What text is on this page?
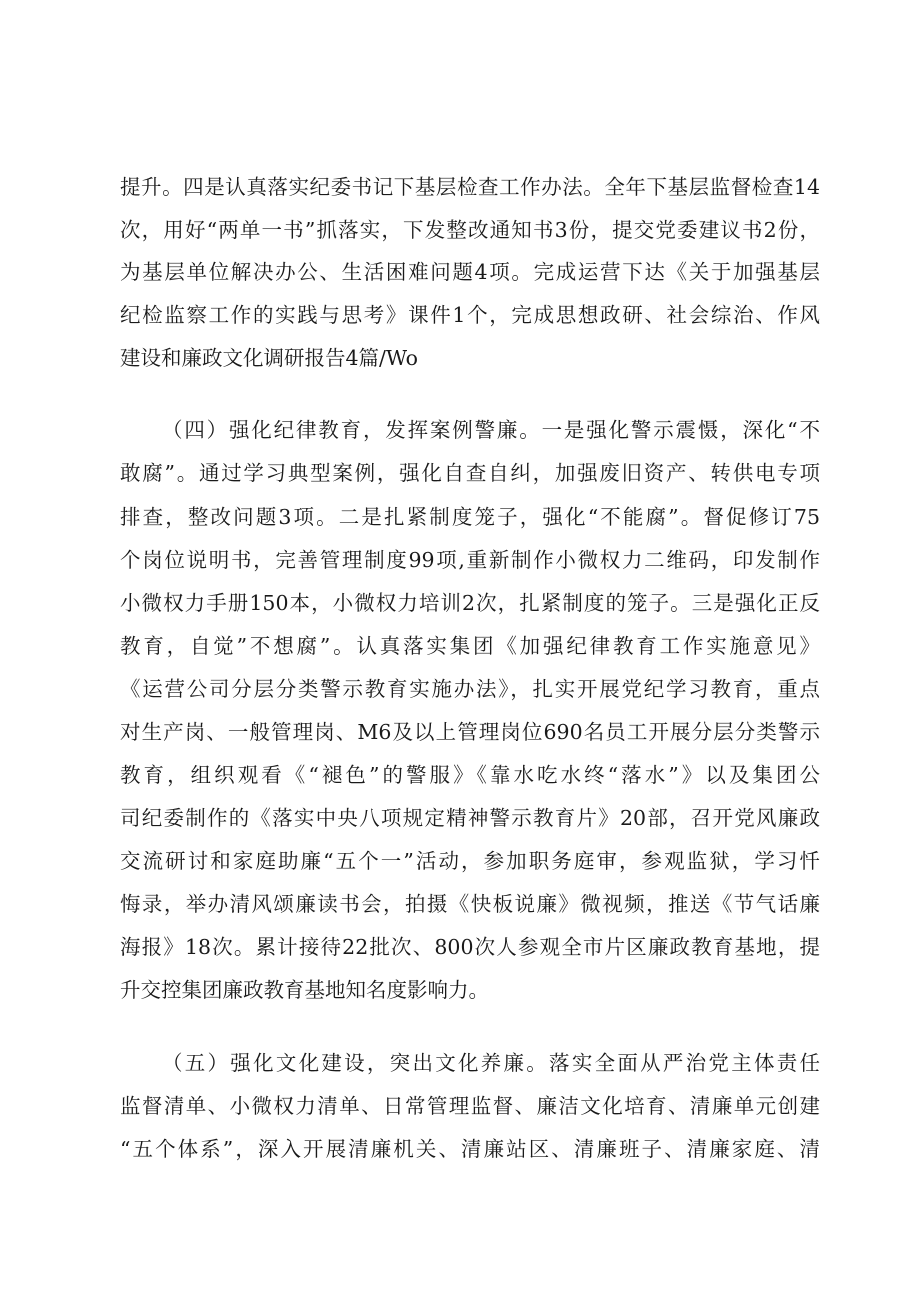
提升。四是认真落实纪委书记下基层检查工作办法。全年下基层监督检查14
次，用好“两单一书”抓落实，下发整改通知书3份，提交党委建议书2份，
为基层单位解决办公、生活困难问题4项。完成运营下达《关于加强基层
纪检监察工作的实践与思考》课件1个，完成思想政研、社会综治、作风
建设和廉政文化调研报告4篇/Wo
（四）强化纪律教育，发挥案例警廉。一是强化警示震慑，深化“不
敢腐”。通过学习典型案例，强化自查自纠，加强废旧资产、转供电专项
排查，整改问题3项。二是扎紧制度笼子，强化“不能腐”。督促修订75
个岗位说明书，完善管理制度99项,重新制作小微权力二维码，印发制作
小微权力手册150本，小微权力培训2次，扎紧制度的笼子。三是强化正反
教育，自觉”不想腐”。认真落实集团《加强纪律教育工作实施意见》
《运营公司分层分类警示教育实施办法》，扎实开展党纪学习教育，重点
对生产岗、一般管理岗、M6及以上管理岗位690名员工开展分层分类警示
教育，组织观看《“褪色”的警服》《靠水吃水终“落水”》以及集团公
司纪委制作的《落实中央八项规定精神警示教育片》20部，召开党风廉政
交流研讨和家庭助廉“五个一”活动，参加职务庭审，参观监狱，学习忏
悔录，举办清风颂廉读书会，拍摄《快板说廉》微视频，推送《节气话廉
海报》18次。累计接待22批次、800次人参观全市片区廉政教育基地，提
升交控集团廉政教育基地知名度影响力。
（五）强化文化建设，突出文化养廉。落实全面从严治党主体责任
监督清单、小微权力清单、日常管理监督、廉洁文化培育、清廉单元创建
“五个体系”，深入开展清廉机关、清廉站区、清廉班子、清廉家庭、清
